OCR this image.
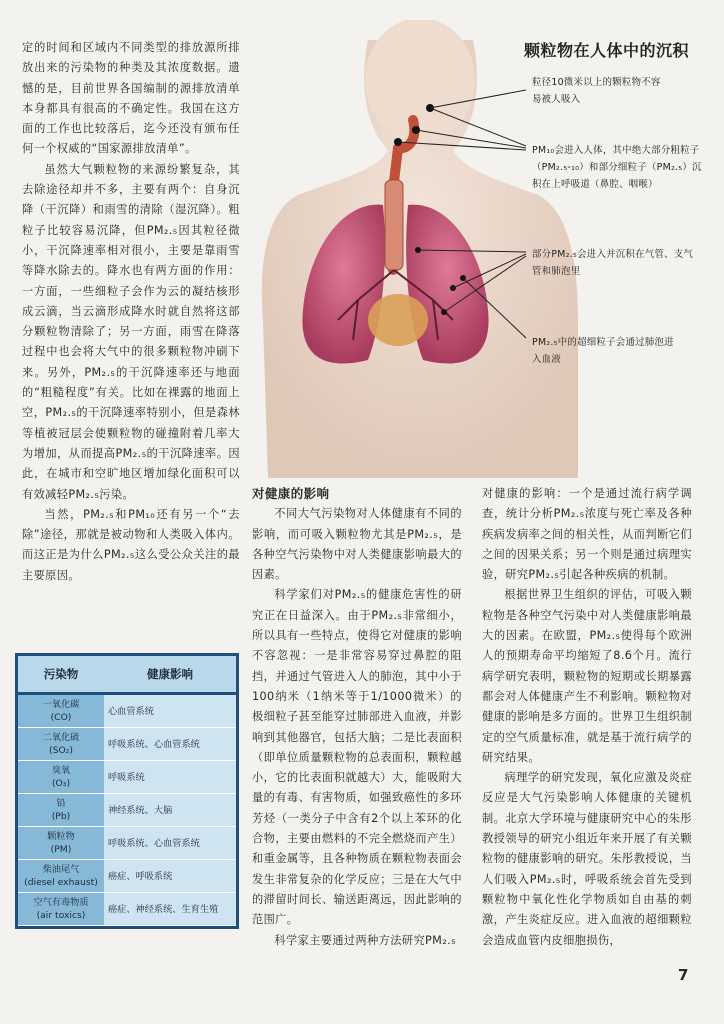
定的时间和区域内不同类型的排放源所排放出来的污染物的种类及其浓度数据。遗憾的是，目前世界各国编制的源排放清单本身都具有很高的不确定性。我国在这方面的工作也比较落后，迄今还没有颁布任何一个权威的“国家源排放清单”。

虽然大气颗粒物的来源纷繁复杂，其去除途径却并不多，主要有两个：自身沉降（干沉降）和雨雪的清除（湿沉降）。粗粒子比较容易沉降，但PM₂.₅因其粒径微小，干沉降速率相对很小，主要是靠雨雪等降水除去的。降水也有两方面的作用：一方面，一些细粒子会作为云的凝结核形成云滴，当云滴形成降水时就自然将这部分颗粒物清除了；另一方面，雨雪在降落过程中也会将大气中的很多颗粒物冲刷下来。另外，PM₂.₅的干沉降速率还与地面的“粗糙程度”有关。比如在裸露的地面上空，PM₂.₅的干沉降速率特别小，但是森林等植被冠层会使颗粒物的碰撞附着几率大为增加，从而提高PM₂.₅的干沉降速率。因此，在城市和空旷地区增加绿化面积可以有效减轻PM₂.₅污染。

当然，PM₂.₅和PM₁₀还有另一个“去除”途径，那就是被动物和人类吸入体内。而这正是为什么PM₂.₅这么受公众关注的最主要原因。

颗粒物在人体中的沉积
粒径10微米以上的颗粒物不容易被人吸入
PM₁₀会进入人体，其中绝大部分粗粒子（PM₂.₅-₁₀）和部分细粒子（PM₂.₅）沉积在上呼吸道（鼻腔、咽喉）
部分PM₂.₅会进入并沉积在气管、支气管和肺泡里
PM₂.₅中的超细粒子会通过肺泡进入血液
污染物	健康影响

一氧化碳
(CO)	心血管系统

二氧化硫
(SO₂)	呼吸系统、心血管系统

臭氧
(O₃)	呼吸系统

铅
(Pb)	神经系统、大脑

颗粒物
(PM)	呼吸系统、心血管系统

柴油尾气
(diesel exhaust)	癌症、呼吸系统

空气有毒物质
(air toxics)	癌症、神经系统、生育生殖

对健康的影响

不同大气污染物对人体健康有不同的影响，而可吸入颗粒物尤其是PM₂.₅，是各种空气污染物中对人类健康影响最大的因素。

科学家们对PM₂.₅的健康危害性的研究正在日益深入。由于PM₂.₅非常细小，所以具有一些特点，使得它对健康的影响不容忽视：一是非常容易穿过鼻腔的阻挡，并通过气管进入人的肺泡，其中小于100纳米（1纳米等于1/1000微米）的极细粒子甚至能穿过肺部进入血液，并影响到其他器官，包括大脑；二是比表面积（即单位质量颗粒物的总表面积，颗粒越小，它的比表面积就越大）大，能吸附大量的有毒、有害物质，如强致癌性的多环芳烃（一类分子中含有2个以上苯环的化合物，主要由燃料的不完全燃烧而产生）和重金属等，且各种物质在颗粒物表面会发生非常复杂的化学反应；三是在大气中的滞留时间长、输送距离远，因此影响的范围广。

科学家主要通过两种方法研究PM₂.₅

对健康的影响：一个是通过流行病学调查，统计分析PM₂.₅浓度与死亡率及各种疾病发病率之间的相关性，从而判断它们之间的因果关系；另一个则是通过病理实验，研究PM₂.₅引起各种疾病的机制。

根据世界卫生组织的评估，可吸入颗粒物是各种空气污染中对人类健康影响最大的因素。在欧盟，PM₂.₅使得每个欧洲人的预期寿命平均缩短了8.6个月。流行病学研究表明，颗粒物的短期或长期暴露都会对人体健康产生不利影响。颗粒物对健康的影响是多方面的。世界卫生组织制定的空气质量标准，就是基于流行病学的研究结果。

病理学的研究发现，氧化应激及炎症反应是大气污染影响人体健康的关键机制。北京大学环境与健康研究中心的朱彤教授领导的研究小组近年来开展了有关颗粒物的健康影响的研究。朱彤教授说，当人们吸入PM₂.₅时，呼吸系统会首先受到颗粒物中氧化性化学物质如自由基的刺激，产生炎症反应。进入血液的超细颗粒会造成血管内皮细胞损伤，

7
